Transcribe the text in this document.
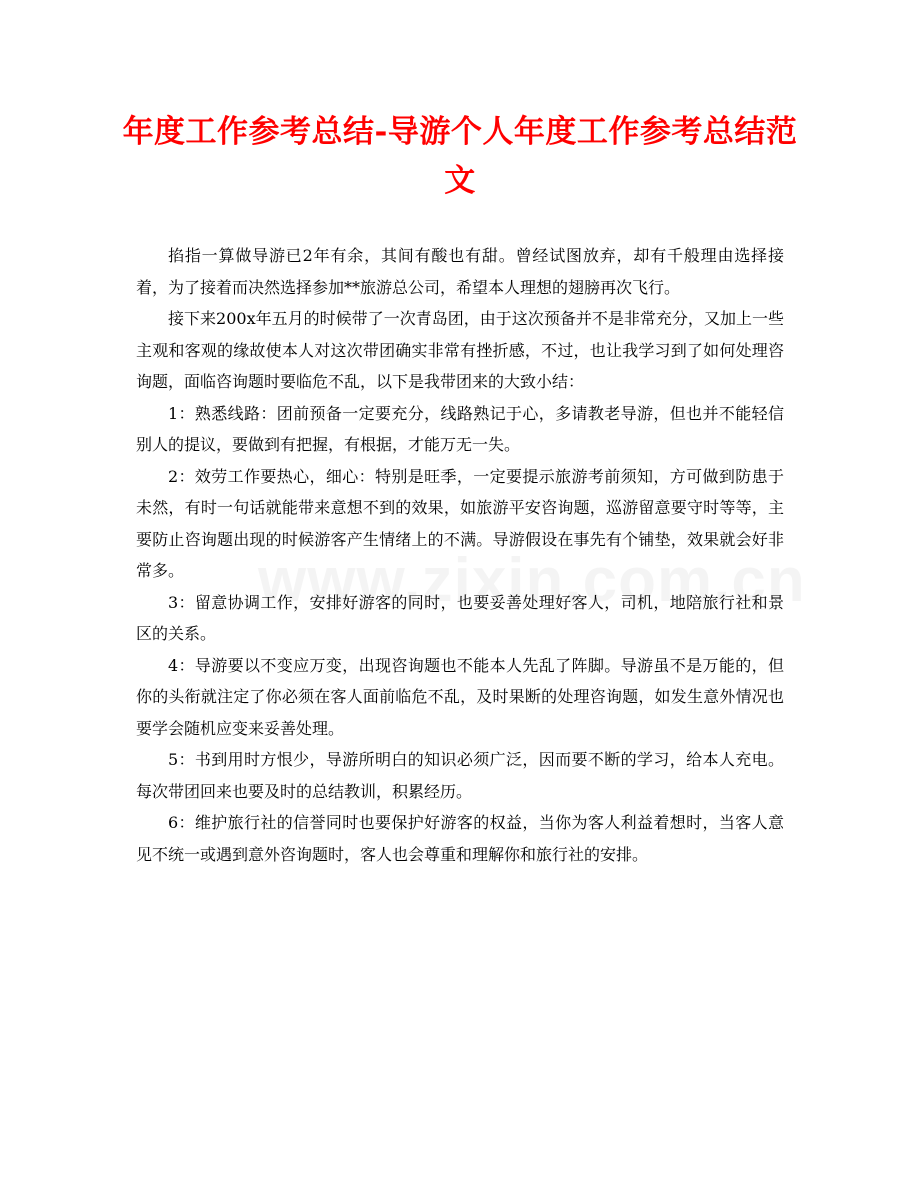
年度工作参考总结-导游个人年度工作参考总结范文

掐指一算做导游已2年有余，其间有酸也有甜。曾经试图放弃，却有千般理由选择接着，为了接着而决然选择参加**旅游总公司，希望本人理想的翅膀再次飞行。

接下来200x年五月的时候带了一次青岛团，由于这次预备并不是非常充分，又加上一些主观和客观的缘故使本人对这次带团确实非常有挫折感，不过，也让我学习到了如何处理咨询题，面临咨询题时要临危不乱，以下是我带团来的大致小结：

1：熟悉线路：团前预备一定要充分，线路熟记于心，多请教老导游，但也并不能轻信别人的提议，要做到有把握，有根据，才能万无一失。

2：效劳工作要热心，细心：特别是旺季，一定要提示旅游考前须知，方可做到防患于未然，有时一句话就能带来意想不到的效果，如旅游平安咨询题，巡游留意要守时等等，主要防止咨询题出现的时候游客产生情绪上的不满。导游假设在事先有个铺垫，效果就会好非常多。

3：留意协调工作，安排好游客的同时，也要妥善处理好客人，司机，地陪旅行社和景区的关系。

4：导游要以不变应万变，出现咨询题也不能本人先乱了阵脚。导游虽不是万能的，但你的头衔就注定了你必须在客人面前临危不乱，及时果断的处理咨询题，如发生意外情况也要学会随机应变来妥善处理。

5：书到用时方恨少，导游所明白的知识必须广泛，因而要不断的学习，给本人充电。每次带团回来也要及时的总结教训，积累经历。

6：维护旅行社的信誉同时也要保护好游客的权益，当你为客人利益着想时，当客人意见不统一或遇到意外咨询题时，客人也会尊重和理解你和旅行社的安排。
